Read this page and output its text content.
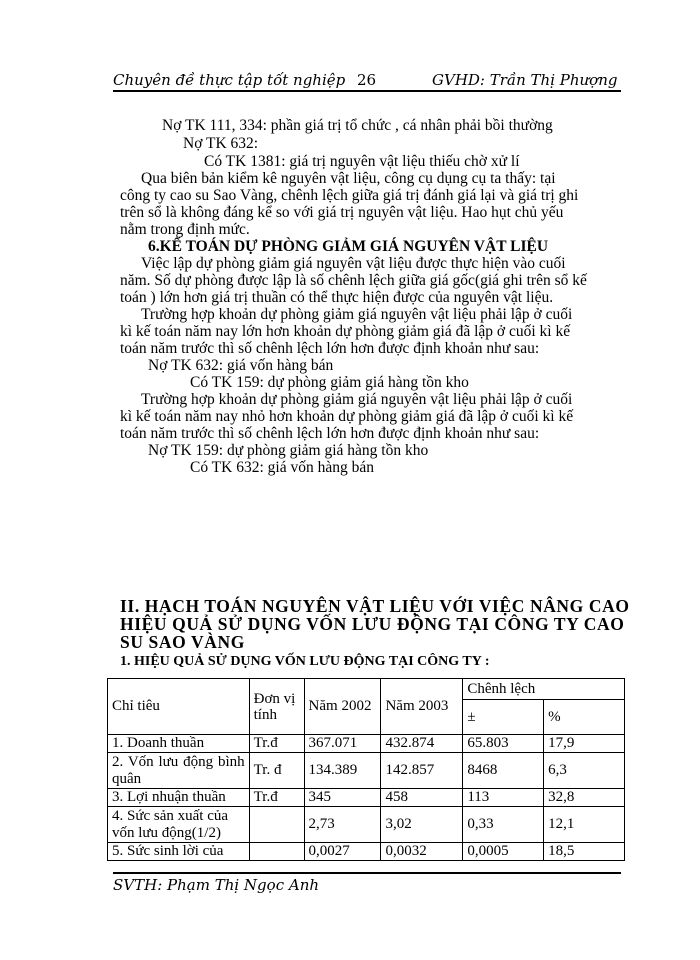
Chuyên đề thực tập tốt nghiệp 26	GVHD: Trần Thị Phượng
Nợ TK 111, 334: phần giá trị tổ chức , cá nhân phải bồi thường
Nợ TK 632:
Có TK 1381: giá trị nguyên vật liệu thiếu chờ xử lí
Qua biên bản kiểm kê nguyên vật liệu, công cụ dụng cụ ta thấy: tại
công ty cao su Sao Vàng, chênh lệch giữa giá trị đánh giá lại và giá trị ghi
trên sổ là không đáng kể so với giá trị nguyên vật liệu. Hao hụt chủ yếu
nằm trong định mức.
6.KẾ TOÁN DỰ PHÒNG GIẢM GIÁ NGUYÊN VẬT LIỆU
Việc lập dự phòng giảm giá nguyên vật liệu được thực hiện vào cuối
năm. Số dự phòng được lập là số chênh lệch giữa giá gốc(giá ghi trên sổ kế
toán ) lớn hơn giá trị thuần có thể thực hiện được của nguyên vật liệu.
Trường hợp khoản dự phòng giảm giá nguyên vật liệu phải lập ở cuối
kì kế toán năm nay lớn hơn khoản dự phòng giảm giá đã lập ở cuối kì kế
toán năm trước thì số chênh lệch lớn hơn được định khoản như sau:
Nợ TK 632: giá vốn hàng bán
Có TK 159: dự phòng giảm giá hàng tồn kho
Trường hợp khoản dự phòng giảm giá nguyên vật liệu phải lập ở cuối
kì kế toán năm nay nhỏ hơn khoản dự phòng giảm giá đã lập ở cuối kì kế
toán năm trước thì số chênh lệch lớn hơn được định khoản như sau:
Nợ TK 159: dự phòng giảm giá hàng tồn kho
Có TK 632: giá vốn hàng bán
II. HẠCH TOÁN NGUYÊN VẬT LIỆU VỚI VIỆC NÂNG CAO
HIỆU QUẢ SỬ DỤNG VỐN LƯU ĐỘNG TẠI CÔNG TY CAO
SU SAO VÀNG
1. HIỆU QUẢ SỬ DỤNG VỐN LƯU ĐỘNG TẠI CÔNG TY :
Chỉ tiêu	Đơn vị tính	Năm 2002	Năm 2003	Chênh lệch	
				±	%
1. Doanh thuần	Tr.đ	367.071	432.874	65.803	17,9
2. Vốn lưu động bình quân	Tr. đ	134.389	142.857	8468	6,3
3. Lợi nhuận thuần	Tr.đ	345	458	113	32,8
4. Sức sản xuất của vốn lưu động(1/2)		2,73	3,02	0,33	12,1
5. Sức sinh lời của		0,0027	0,0032	0,0005	18,5
SVTH: Phạm Thị Ngọc Anh
